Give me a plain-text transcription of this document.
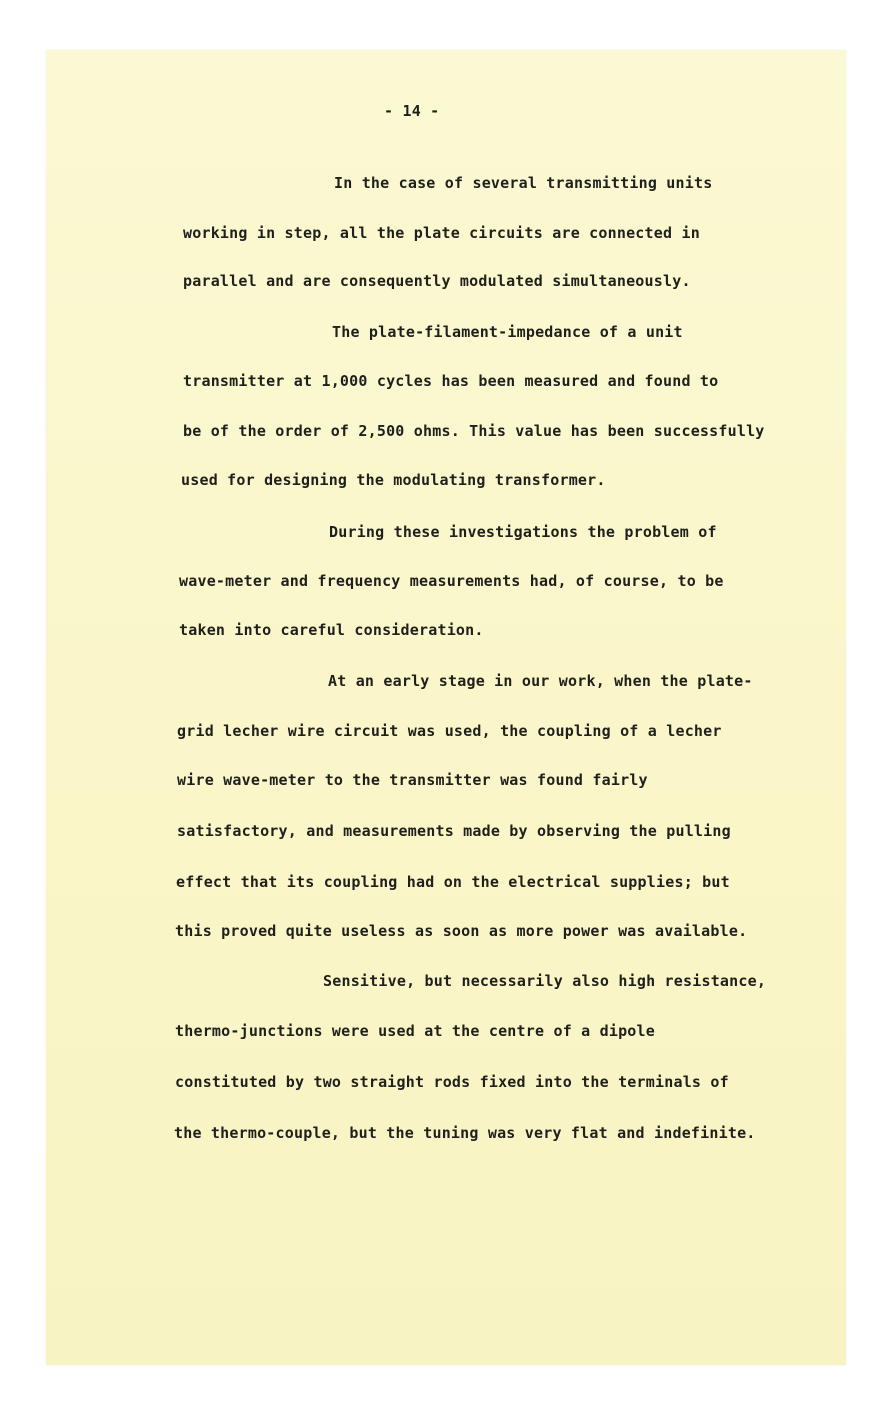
- 14 -
In the case of several transmitting units
working in step, all the plate circuits are connected in
parallel and are consequently modulated simultaneously.
The plate-filament-impedance of a unit
transmitter at 1,000 cycles has been measured and found to
be of the order of 2,500 ohms. This value has been successfully
used for designing the modulating transformer.
During these investigations the problem of
wave-meter and frequency measurements had, of course, to be
taken into careful consideration.
At an early stage in our work, when the plate-
grid lecher wire circuit was used, the coupling of a lecher
wire wave-meter to the transmitter was found fairly
satisfactory, and measurements made by observing the pulling
effect that its coupling had on the electrical supplies; but
this proved quite useless as soon as more power was available.
Sensitive, but necessarily also high resistance,
thermo-junctions were used at the centre of a dipole
constituted by two straight rods fixed into the terminals of
the thermo-couple, but the tuning was very flat and indefinite.
